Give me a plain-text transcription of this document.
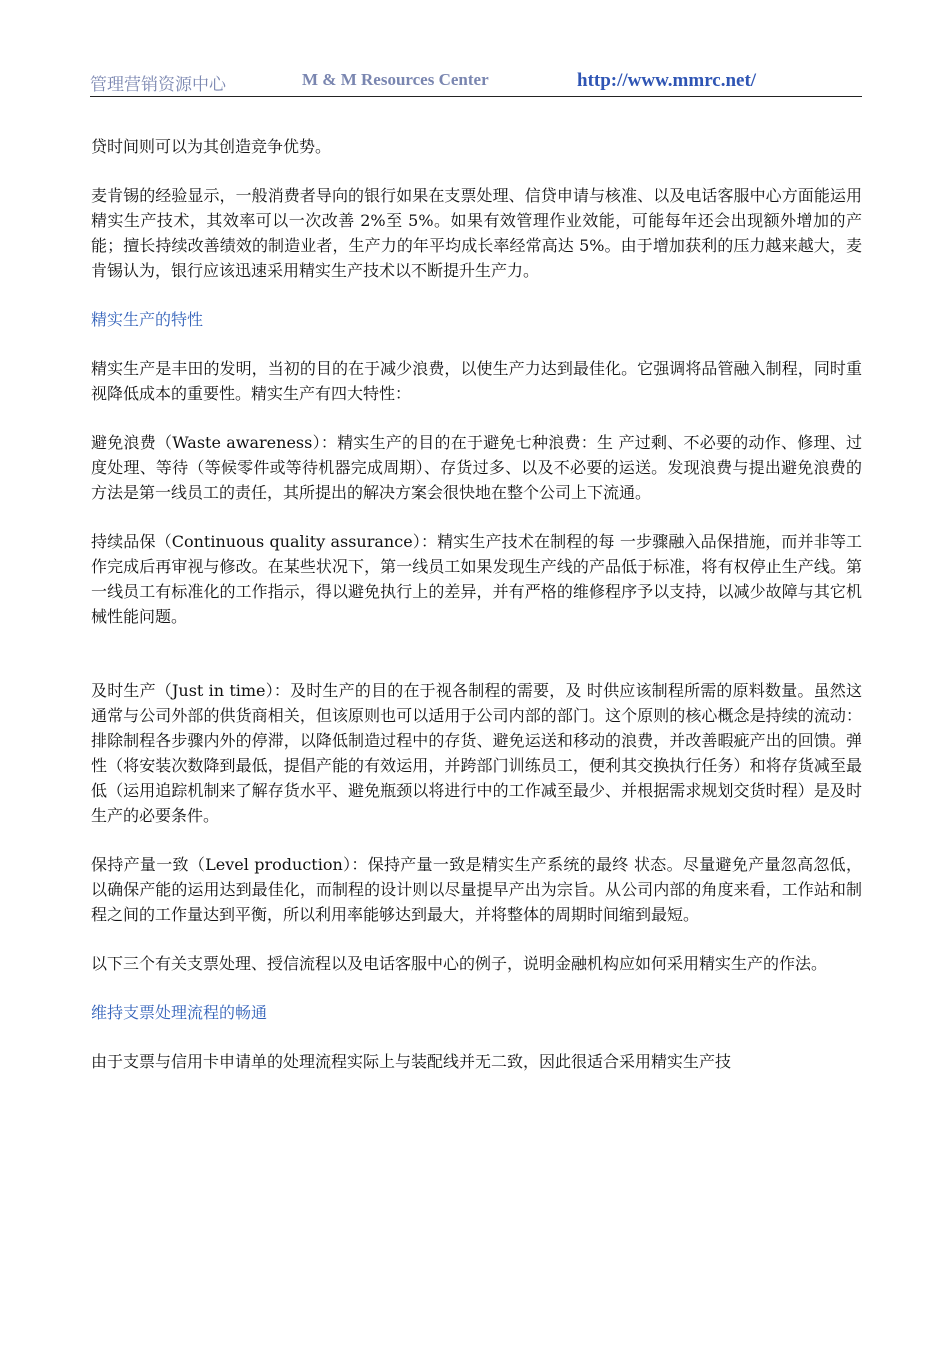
管理营销资源中心	M & M Resources Center	http://www.mmrc.net/

贷时间则可以为其创造竞争优势。

麦肯锡的经验显示，一般消费者导向的银行如果在支票处理、信贷申请与核准、以及电话客服中心方面能运用精实生产技术，其效率可以一次改善 2%至 5%。如果有效管理作业效能，可能每年还会出现额外增加的产能；擅长持续改善绩效的制造业者，生产力的年平均成长率经常高达 5%。由于增加获利的压力越来越大，麦肯锡认为，银行应该迅速采用精实生产技术以不断提升生产力。

精实生产的特性

精实生产是丰田的发明，当初的目的在于减少浪费，以使生产力达到最佳化。它强调将品管融入制程，同时重视降低成本的重要性。精实生产有四大特性：

避免浪费（Waste awareness）：精实生产的目的在于避免七种浪费：生 产过剩、不必要的动作、修理、过度处理、等待（等候零件或等待机器完成周期）、存货过多、以及不必要的运送。发现浪费与提出避免浪费的方法是第一线员工的责任，其所提出的解决方案会很快地在整个公司上下流通。

持续品保（Continuous quality assurance）：精实生产技术在制程的每 一步骤融入品保措施，而并非等工作完成后再审视与修改。在某些状况下，第一线员工如果发现生产线的产品低于标准，将有权停止生产线。第一线员工有标准化的工作指示，得以避免执行上的差异，并有严格的维修程序予以支持，以减少故障与其它机械性能问题。

及时生产（Just in time）：及时生产的目的在于视各制程的需要，及 时供应该制程所需的原料数量。虽然这通常与公司外部的供货商相关，但该原则也可以适用于公司内部的部门。这个原则的核心概念是持续的流动：排除制程各步骤内外的停滞，以降低制造过程中的存货、避免运送和移动的浪费，并改善暇疵产出的回馈。弹性（将安装次数降到最低，提倡产能的有效运用，并跨部门训练员工，便利其交换执行任务）和将存货减至最低（运用追踪机制来了解存货水平、避免瓶颈以将进行中的工作减至最少、并根据需求规划交货时程）是及时生产的必要条件。

保持产量一致（Level production）：保持产量一致是精实生产系统的最终 状态。尽量避免产量忽高忽低，以确保产能的运用达到最佳化，而制程的设计则以尽量提早产出为宗旨。从公司内部的角度来看，工作站和制程之间的工作量达到平衡，所以利用率能够达到最大，并将整体的周期时间缩到最短。

以下三个有关支票处理、授信流程以及电话客服中心的例子，说明金融机构应如何采用精实生产的作法。

维持支票处理流程的畅通

由于支票与信用卡申请单的处理流程实际上与装配线并无二致，因此很适合采用精实生产技
